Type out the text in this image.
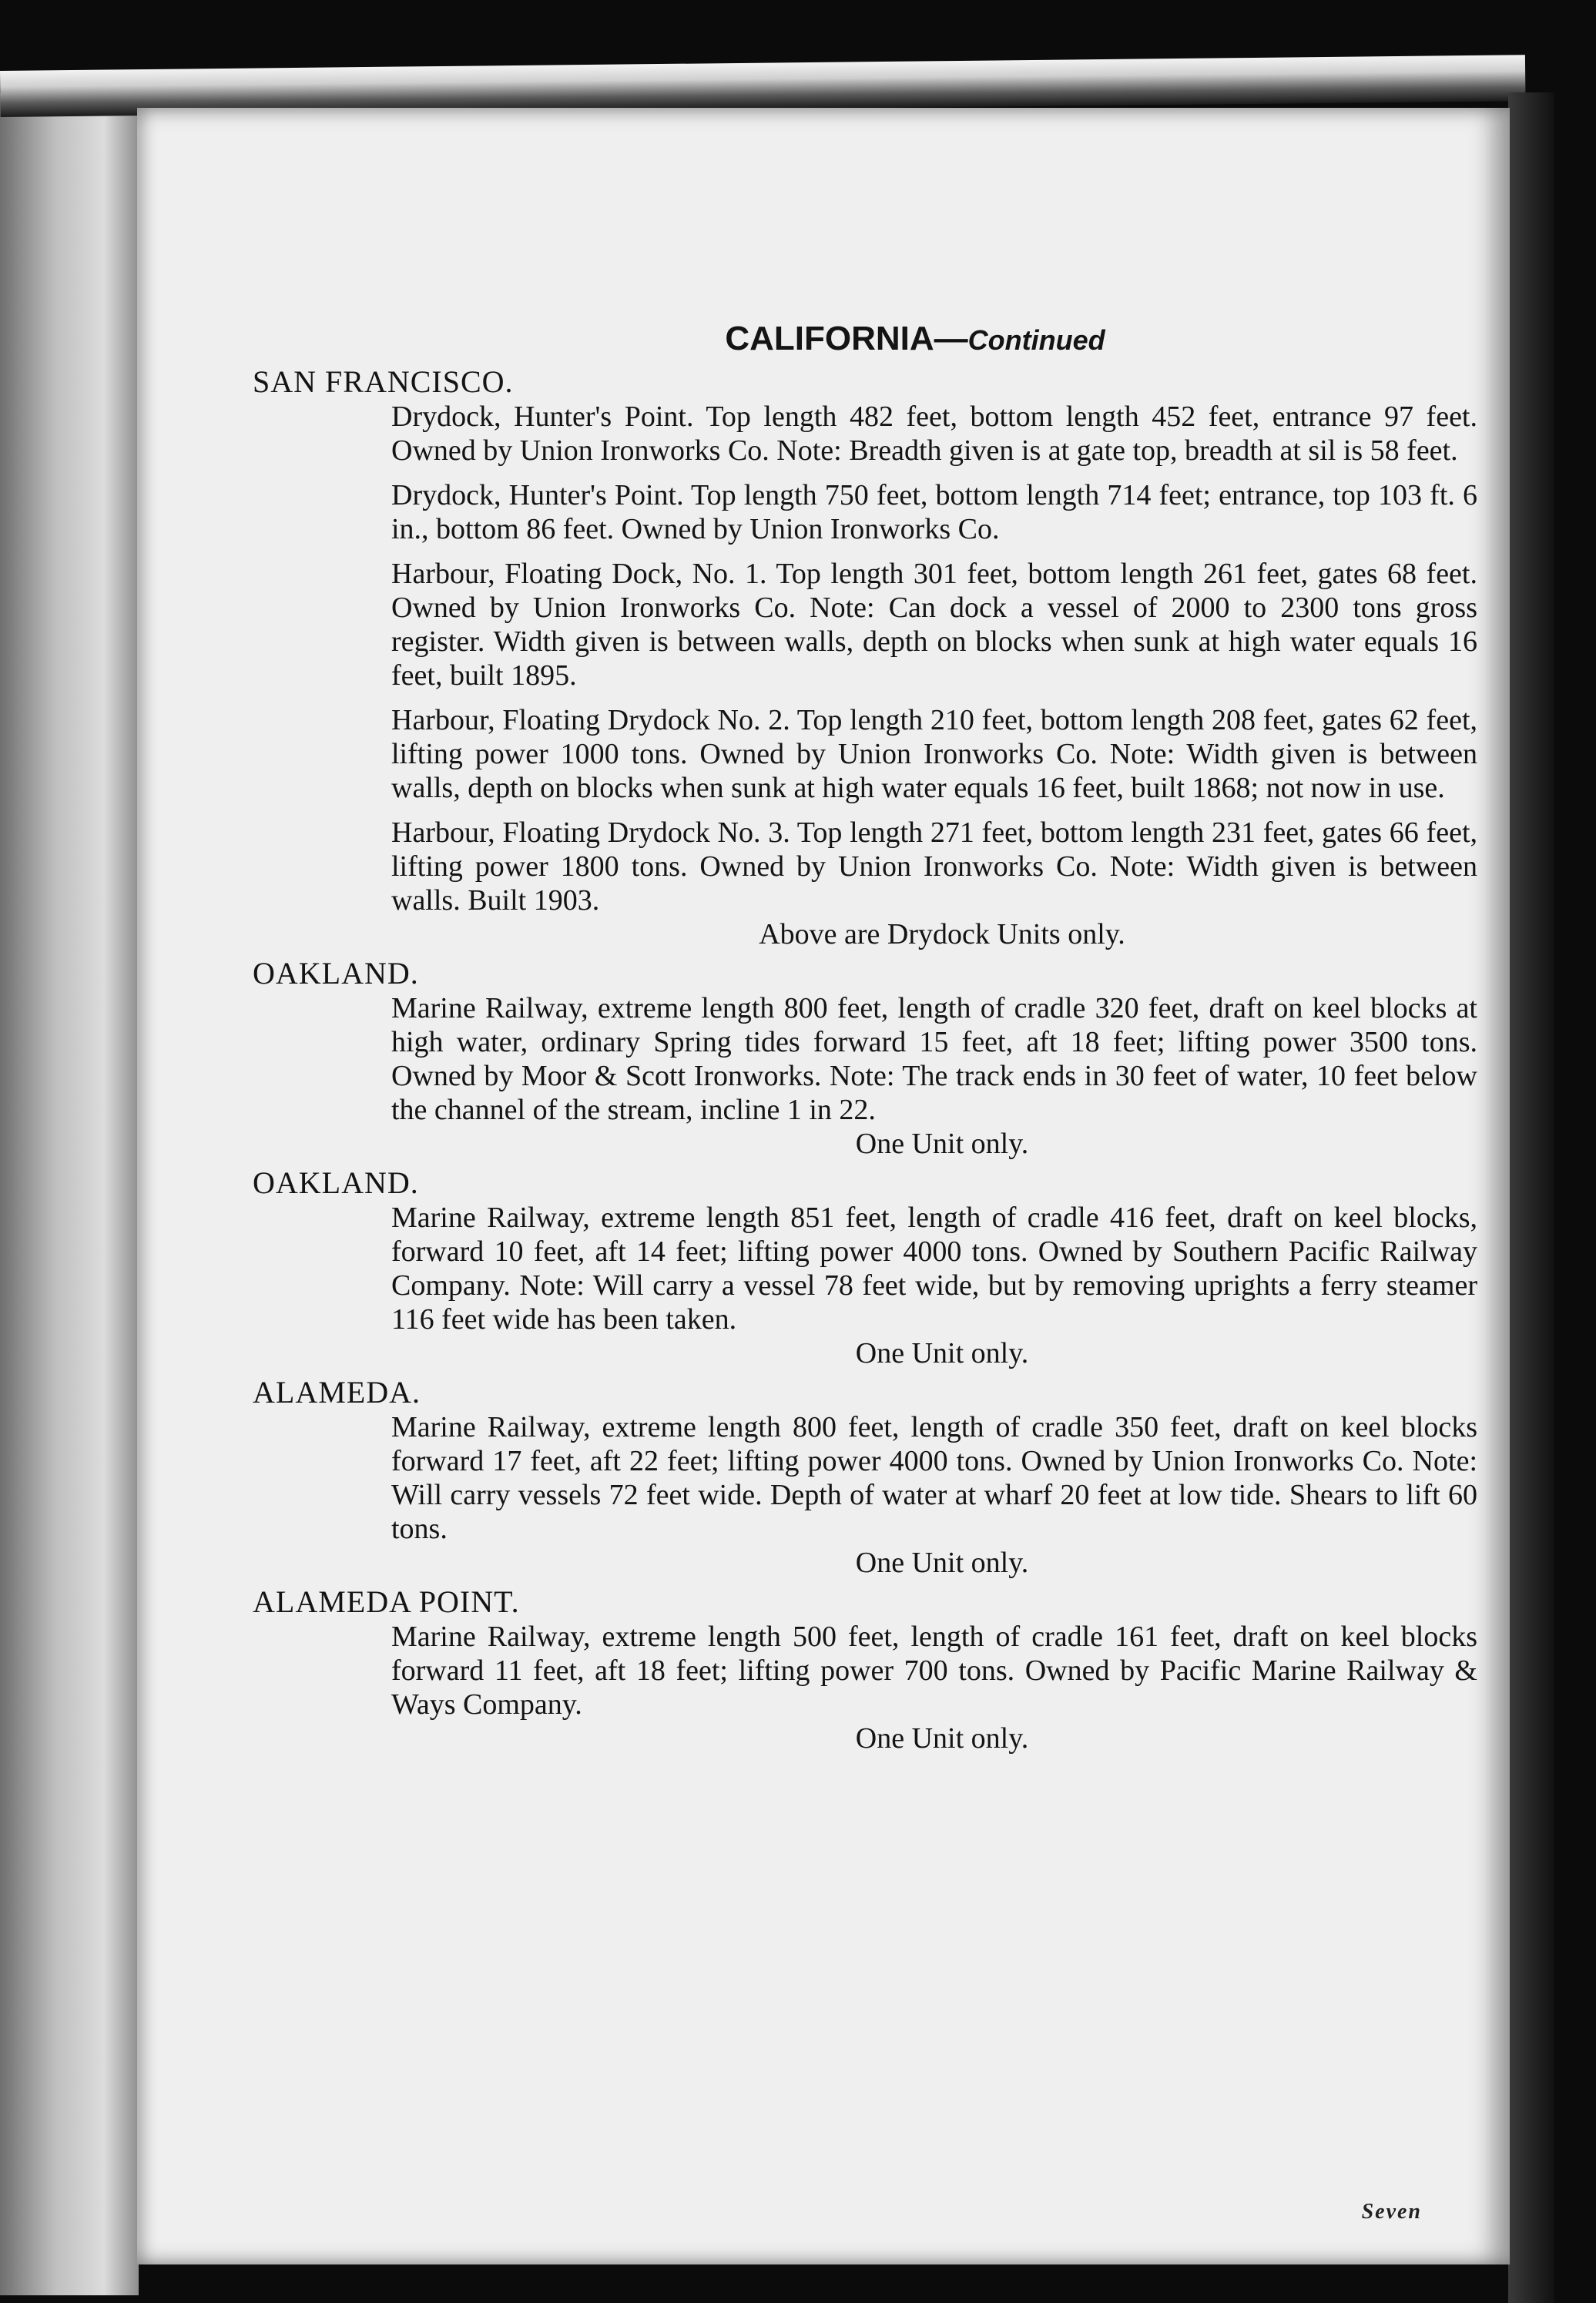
CALIFORNIA—Continued

SAN FRANCISCO.

Drydock, Hunter's Point. Top length 482 feet, bottom length 452 feet, entrance 97 feet. Owned by Union Ironworks Co. Note: Breadth given is at gate top, breadth at sil is 58 feet.

Drydock, Hunter's Point. Top length 750 feet, bottom length 714 feet; entrance, top 103 ft. 6 in., bottom 86 feet. Owned by Union Ironworks Co.

Harbour, Floating Dock, No. 1. Top length 301 feet, bottom length 261 feet, gates 68 feet. Owned by Union Ironworks Co. Note: Can dock a vessel of 2000 to 2300 tons gross register. Width given is between walls, depth on blocks when sunk at high water equals 16 feet, built 1895.

Harbour, Floating Drydock No. 2. Top length 210 feet, bottom length 208 feet, gates 62 feet, lifting power 1000 tons. Owned by Union Ironworks Co. Note: Width given is between walls, depth on blocks when sunk at high water equals 16 feet, built 1868; not now in use.

Harbour, Floating Drydock No. 3. Top length 271 feet, bottom length 231 feet, gates 66 feet, lifting power 1800 tons. Owned by Union Ironworks Co. Note: Width given is between walls. Built 1903.

Above are Drydock Units only.

OAKLAND.

Marine Railway, extreme length 800 feet, length of cradle 320 feet, draft on keel blocks at high water, ordinary Spring tides forward 15 feet, aft 18 feet; lifting power 3500 tons. Owned by Moor & Scott Ironworks. Note: The track ends in 30 feet of water, 10 feet below the channel of the stream, incline 1 in 22.

One Unit only.

OAKLAND.

Marine Railway, extreme length 851 feet, length of cradle 416 feet, draft on keel blocks, forward 10 feet, aft 14 feet; lifting power 4000 tons. Owned by Southern Pacific Railway Company. Note: Will carry a vessel 78 feet wide, but by removing uprights a ferry steamer 116 feet wide has been taken.

One Unit only.

ALAMEDA.

Marine Railway, extreme length 800 feet, length of cradle 350 feet, draft on keel blocks forward 17 feet, aft 22 feet; lifting power 4000 tons. Owned by Union Ironworks Co. Note: Will carry vessels 72 feet wide. Depth of water at wharf 20 feet at low tide. Shears to lift 60 tons.

One Unit only.

ALAMEDA POINT.

Marine Railway, extreme length 500 feet, length of cradle 161 feet, draft on keel blocks forward 11 feet, aft 18 feet; lifting power 700 tons. Owned by Pacific Marine Railway & Ways Company.

One Unit only.

Seven
